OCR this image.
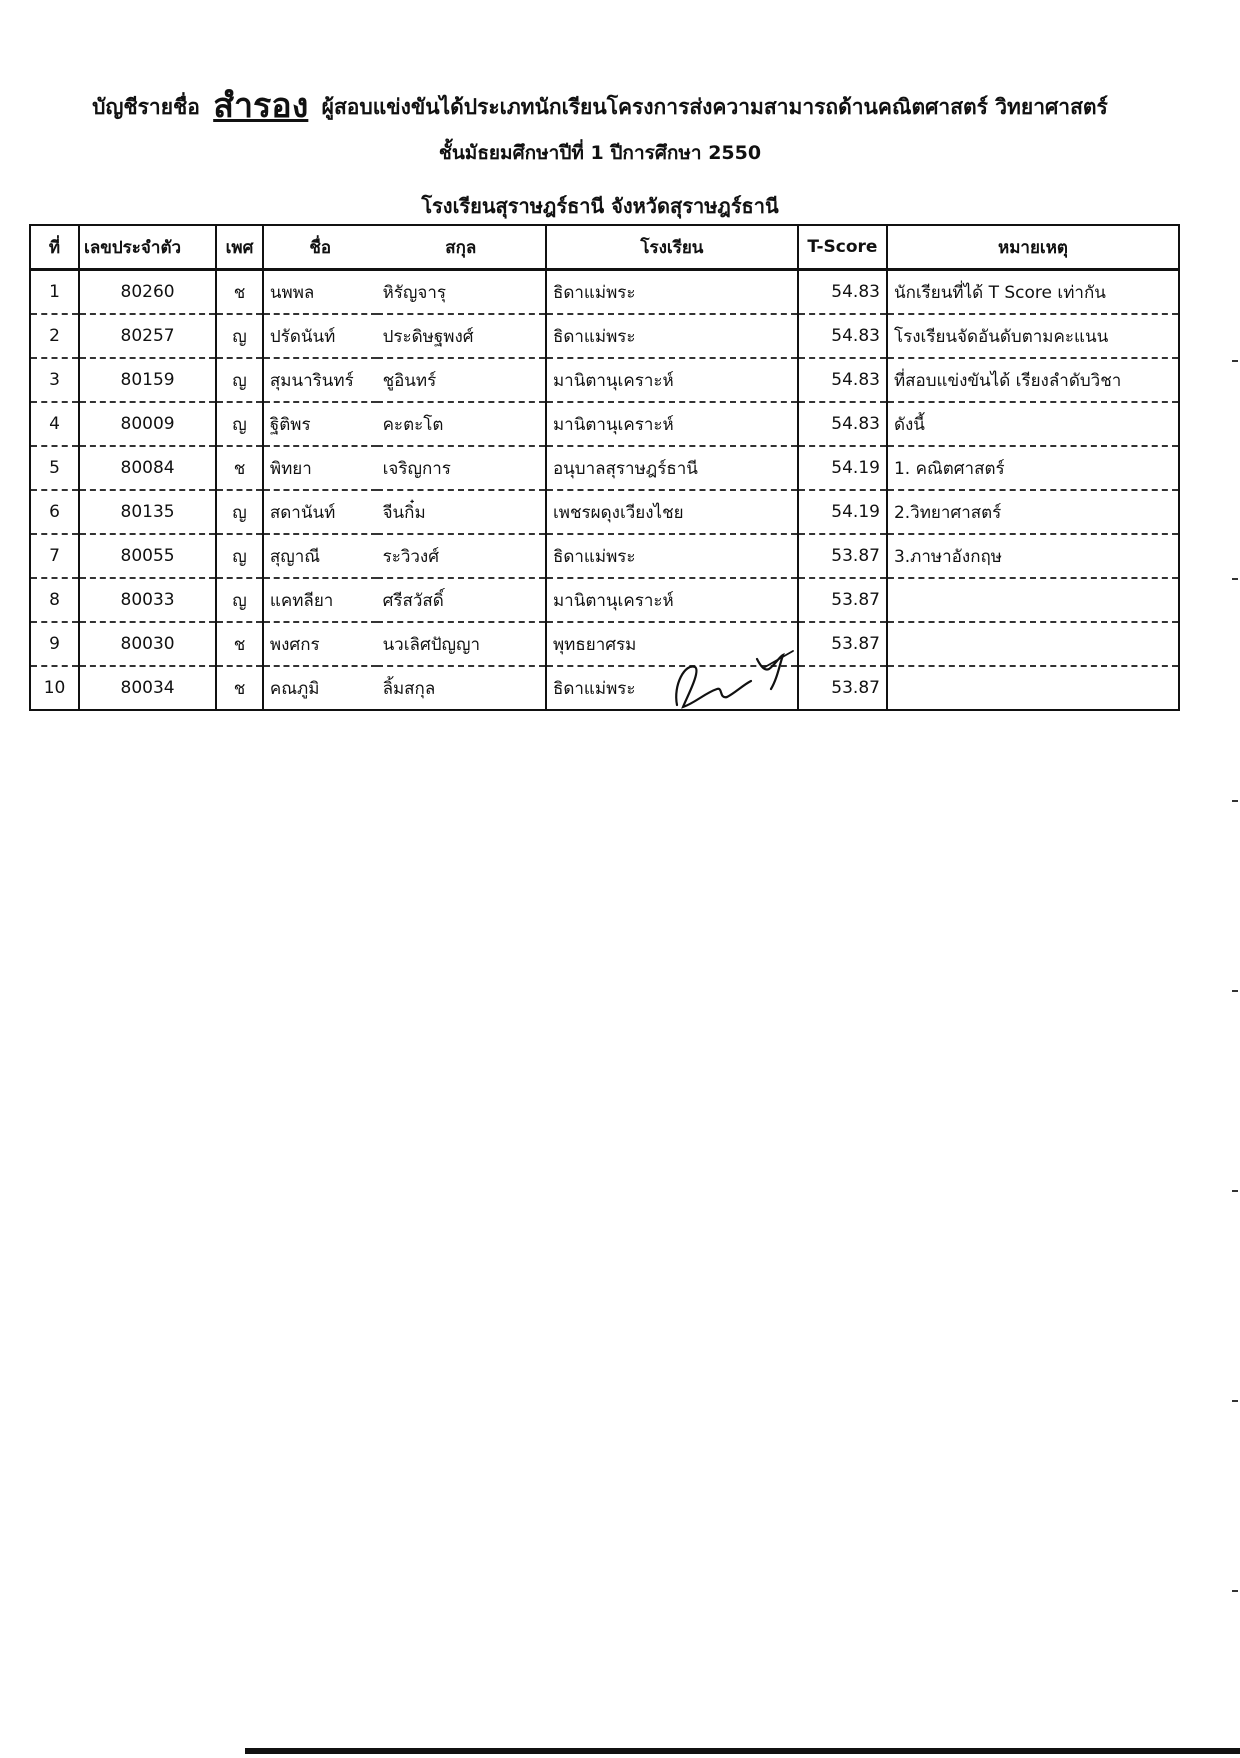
บัญชีรายชื่อ สำรอง ผู้สอบแข่งขันได้ประเภทนักเรียนโครงการส่งความสามารถด้านคณิตศาสตร์ วิทยาศาสตร์
ชั้นมัธยมศึกษาปีที่ 1 ปีการศึกษา 2550
โรงเรียนสุราษฎร์ธานี จังหวัดสุราษฎร์ธานี
ที่	เลขประจำตัว	เพศ	ชื่อ	สกุล	โรงเรียน	T-Score	หมายเหตุ
1	80260	ช	นพพล	หิรัญจารุ	ธิดาแม่พระ	54.83	นักเรียนที่ได้ T Score เท่ากัน
2	80257	ญ	ปรัดนันท์	ประดิษฐพงศ์	ธิดาแม่พระ	54.83	โรงเรียนจัดอันดับตามคะแนน
3	80159	ญ	สุมนารินทร์	ชูอินทร์	มานิตานุเคราะห์	54.83	ที่สอบแข่งขันได้ เรียงลำดับวิชา
4	80009	ญ	ฐิติพร	คะตะโต	มานิตานุเคราะห์	54.83	ดังนี้
5	80084	ช	พิทยา	เจริญการ	อนุบาลสุราษฎร์ธานี	54.19	1. คณิตศาสตร์
6	80135	ญ	สดานันท์	จีนกิ๋ม	เพชรผดุงเวียงไชย	54.19	2.วิทยาศาสตร์
7	80055	ญ	สุญาณี	ระวิวงศ์	ธิดาแม่พระ	53.87	3.ภาษาอังกฤษ
8	80033	ญ	แคทลียา	ศรีสวัสดิ์	มานิตานุเคราะห์	53.87	
9	80030	ช	พงศกร	นวเลิศปัญญา	พุทธยาศรม	53.87	
10	80034	ช	คณภูมิ	ลิ้มสกุล	ธิดาแม่พระ	53.87	
